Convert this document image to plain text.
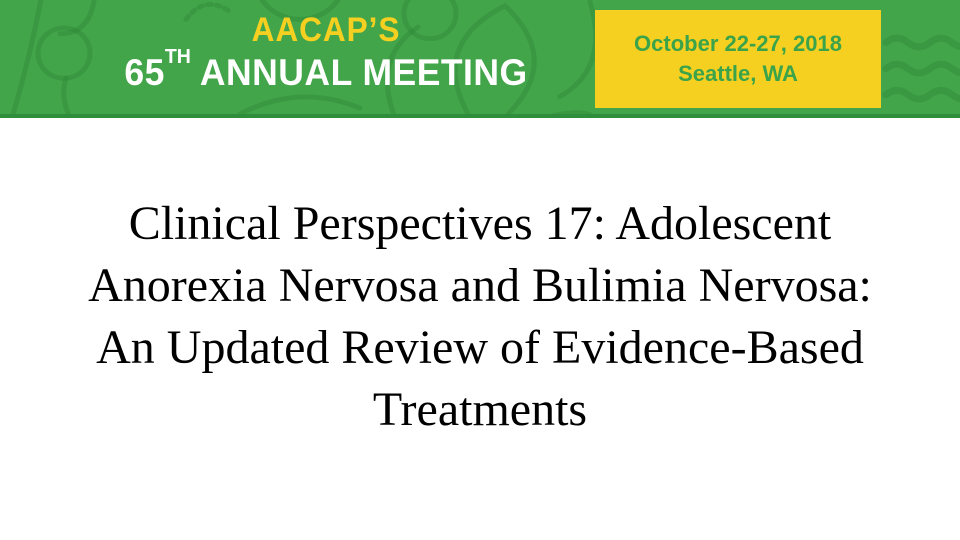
AACAP’S
65TH ANNUAL MEETING
October 22-27, 2018
Seattle, WA
Clinical Perspectives 17: Adolescent
Anorexia Nervosa and Bulimia Nervosa:
An Updated Review of Evidence-Based
Treatments
